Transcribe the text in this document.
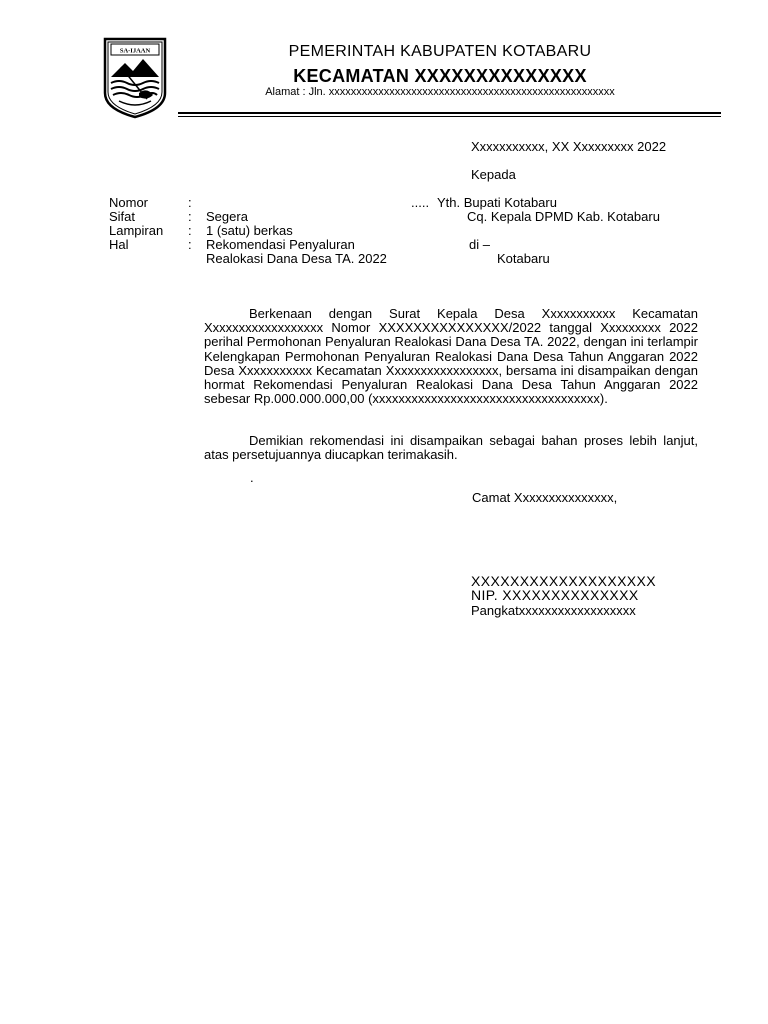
SA-IJAAN	PEMERINTAH KABUPATEN KOTABARU
KECAMATAN XXXXXXXXXXXXXX
Alamat : Jln. xxxxxxxxxxxxxxxxxxxxxxxxxxxxxxxxxxxxxxxxxxxxxxxxxxxx
Xxxxxxxxxxx, XX Xxxxxxxxx 2022
Kepada
Nomor
Sifat
Lampiran
Hal
:
:
:
:
Segera
1 (satu) berkas
Rekomendasi Penyaluran
Realokasi Dana Desa TA. 2022
..... Yth. Bupati Kotabaru
Cq. Kepala DPMD Kab. Kotabaru
di –
Kotabaru
Berkenaan dengan Surat Kepala Desa Xxxxxxxxxxx Kecamatan Xxxxxxxxxxxxxxxxxx Nomor XXXXXXXXXXXXXXX/2022 tanggal Xxxxxxxxx 2022 perihal Permohonan Penyaluran Realokasi Dana Desa TA. 2022, dengan ini terlampir Kelengkapan Permohonan Penyaluran Realokasi Dana Desa Tahun Anggaran 2022 Desa Xxxxxxxxxxx Kecamatan Xxxxxxxxxxxxxxxxx, bersama ini disampaikan dengan hormat Rekomendasi Penyaluran Realokasi Dana Desa Tahun Anggaran 2022 sebesar Rp.000.000.000,00 (xxxxxxxxxxxxxxxxxxxxxxxxxxxxxxxxxxx).
Demikian rekomendasi ini disampaikan sebagai bahan proses lebih lanjut, atas persetujuannya diucapkan terimakasih.
.
Camat Xxxxxxxxxxxxxxx,
XXXXXXXXXXXXXXXXXXX
NIP. XXXXXXXXXXXXXX
Pangkatxxxxxxxxxxxxxxxxxx
